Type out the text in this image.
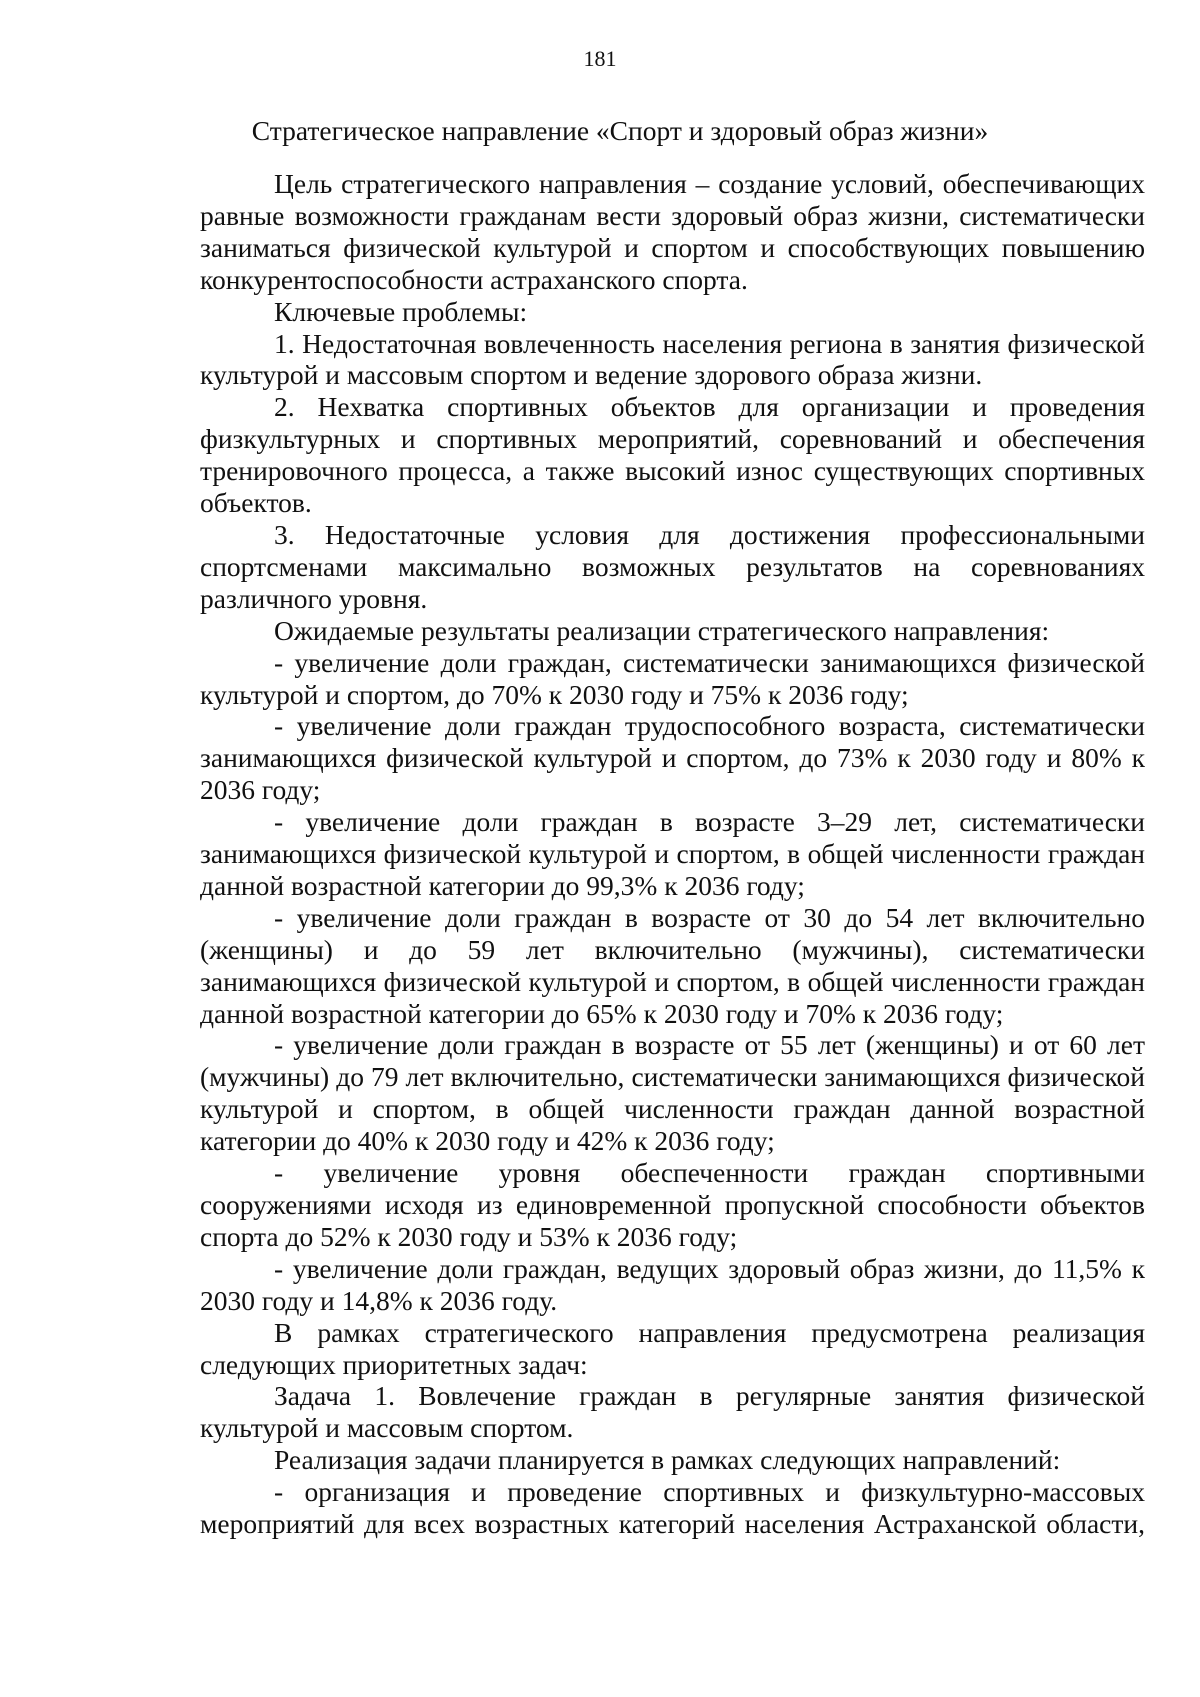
181
Стратегическое направление «Спорт и здоровый образ жизни»

Цель стратегического направления – создание условий, обеспечивающих равные возможности гражданам вести здоровый образ жизни, систематически заниматься физической культурой и спортом и способствующих повышению конкурентоспособности астраханского спорта.

Ключевые проблемы:

1. Недостаточная вовлеченность населения региона в занятия физической культурой и массовым спортом и ведение здорового образа жизни.

2. Нехватка спортивных объектов для организации и проведения физкультурных и спортивных мероприятий, соревнований и обеспечения тренировочного процесса, а также высокий износ существующих спортивных объектов.

3. Недостаточные условия для достижения профессиональными спортсменами максимально возможных результатов на соревнованиях различного уровня.

Ожидаемые результаты реализации стратегического направления:

- увеличение доли граждан, систематически занимающихся физической культурой и спортом, до 70% к 2030 году и 75% к 2036 году;

- увеличение доли граждан трудоспособного возраста, систематически занимающихся физической культурой и спортом, до 73% к 2030 году и 80% к 2036 году;

- увеличение доли граждан в возрасте 3–29 лет, систематически занимающихся физической культурой и спортом, в общей численности граждан данной возрастной категории до 99,3% к 2036 году;

- увеличение доли граждан в возрасте от 30 до 54 лет включительно (женщины) и до 59 лет включительно (мужчины), систематически занимающихся физической культурой и спортом, в общей численности граждан данной возрастной категории до 65% к 2030 году и 70% к 2036 году;

- увеличение доли граждан в возрасте от 55 лет (женщины) и от 60 лет (мужчины) до 79 лет включительно, систематически занимающихся физической культурой и спортом, в общей численности граждан данной возрастной категории до 40% к 2030 году и 42% к 2036 году;

- увеличение уровня обеспеченности граждан спортивными сооружениями исходя из единовременной пропускной способности объектов спорта до 52% к 2030 году и 53% к 2036 году;

- увеличение доли граждан, ведущих здоровый образ жизни, до 11,5% к 2030 году и 14,8% к 2036 году.

В рамках стратегического направления предусмотрена реализация следующих приоритетных задач:

Задача 1. Вовлечение граждан в регулярные занятия физической культурой и массовым спортом.

Реализация задачи планируется в рамках следующих направлений:

- организация и проведение спортивных и физкультурно-массовых мероприятий для всех возрастных категорий населения Астраханской области,
